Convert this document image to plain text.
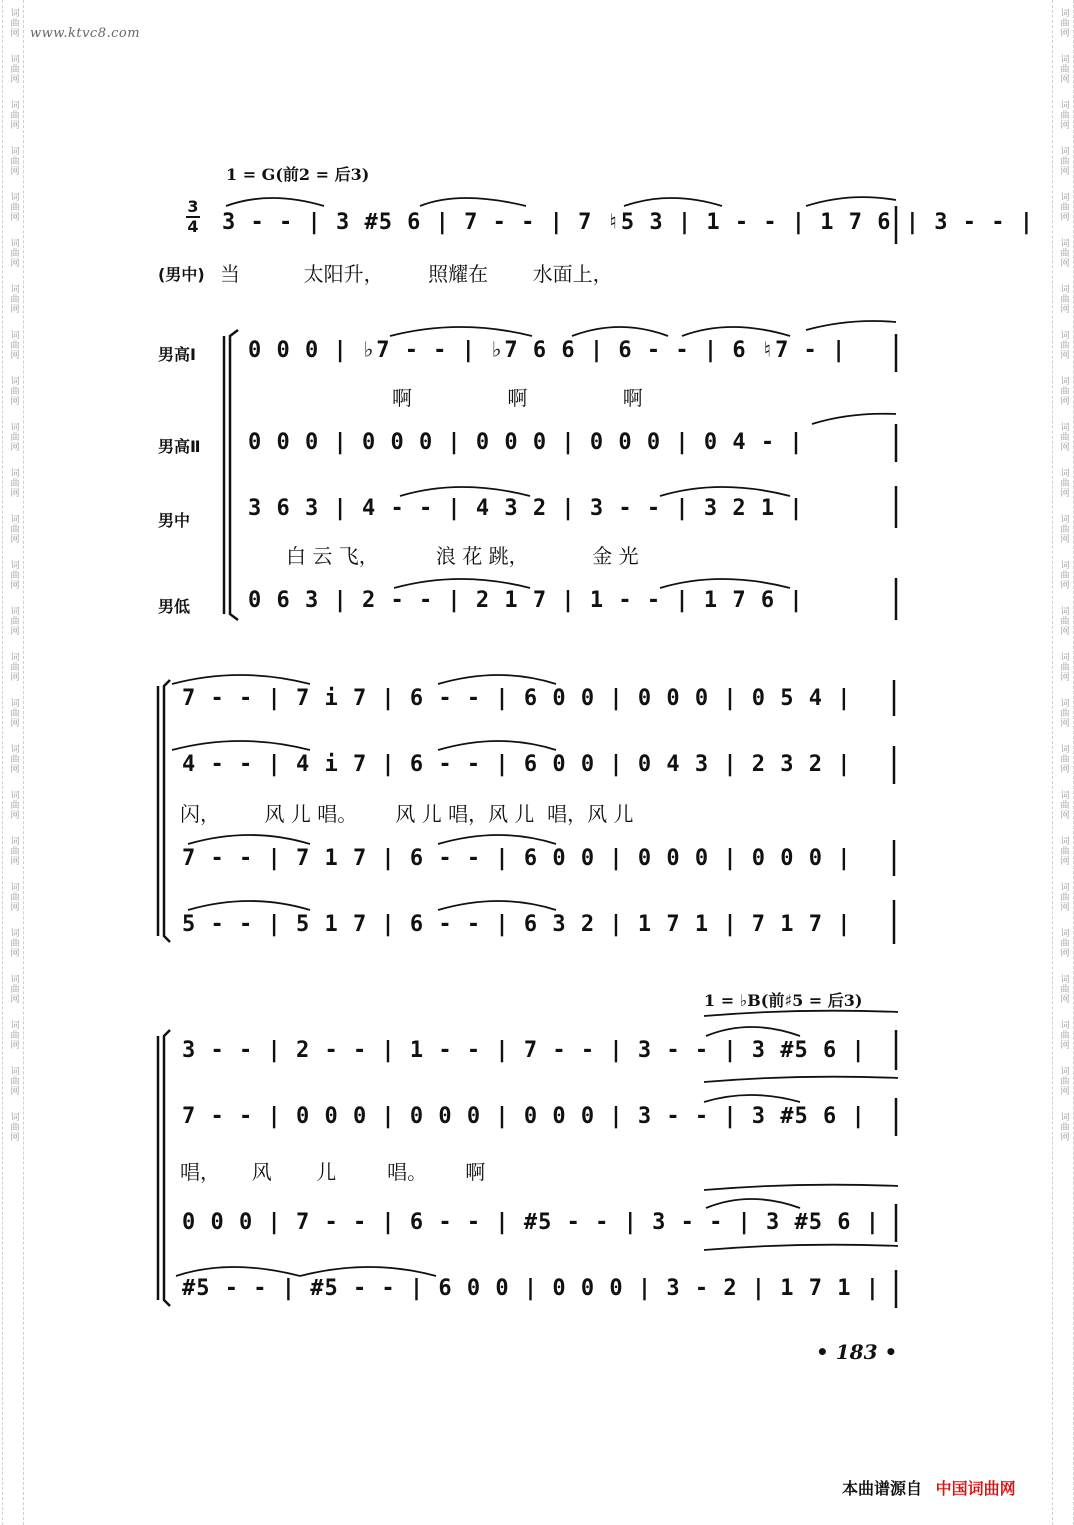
词曲网
词曲网
词曲网
词曲网
词曲网
词曲网
词曲网
词曲网
词曲网
词曲网
词曲网
词曲网
词曲网
词曲网
词曲网
词曲网
词曲网
词曲网
词曲网
词曲网
词曲网
词曲网
词曲网
词曲网
词曲网
词曲网
词曲网
词曲网
词曲网
词曲网
词曲网
词曲网
词曲网
词曲网
词曲网
词曲网
词曲网
词曲网
词曲网
词曲网
词曲网
词曲网
词曲网
词曲网
词曲网
词曲网
词曲网
词曲网
词曲网
词曲网
www.ktvc8.com
1 = G(前2 = 后3)
3
4 3 - - | 3 #5 6 | 7 - - | 7 ♮5 3 | 1 - - | 1 7 6 | 3 - - |
(男中) 当          太阳升，       照耀在       水面上，
男高Ⅰ 0 0 0 | ♭7 - - | ♭7 6 6 | 6 - - | 6 ♮7 - |
啊               啊               啊
男高Ⅱ 0 0 0 | 0 0 0 | 0 0 0 | 0 0 0 | 0 4 - |
男中	3 6 3 | 4 - - | 4 3 2 | 3 - - | 3 2 1 |
白 云 飞，         浪 花 跳，          金 光
男低	0 6 3 | 2 - - | 2 1 7 | 1 - - | 1 7 6 |
7 - - | 7 i 7 | 6 - - | 6 0 0 | 0 0 0 | 0 5 4 |
4 - - | 4 i 7 | 6 - - | 6 0 0 | 0 4 3 | 2 3 2 |
闪，       风 儿 唱。      风 儿 唱，风 儿  唱，风 儿
7 - - | 7 1 7 | 6 - - | 6 0 0 | 0 0 0 | 0 0 0 |
5 - - | 5 1 7 | 6 - - | 6 3 2 | 1 7 1 | 7 1 7 |
1 = ♭B(前♯5 = 后3)
3 - - | 2 - - | 1 - - | 7 - - | 3 - - | 3 #5 6 |
7 - - | 0 0 0 | 0 0 0 | 0 0 0 | 3 - - | 3 #5 6 |
唱，     风       儿        唱。      啊
0 0 0 | 7 - - | 6 - - | #5 - - | 3 - - | 3 #5 6 |
#5 - - | #5 - - | 6 0 0 | 0 0 0 | 3 - 2 | 1 7 1 |
• 183 •
本曲谱源自 中国词曲网
